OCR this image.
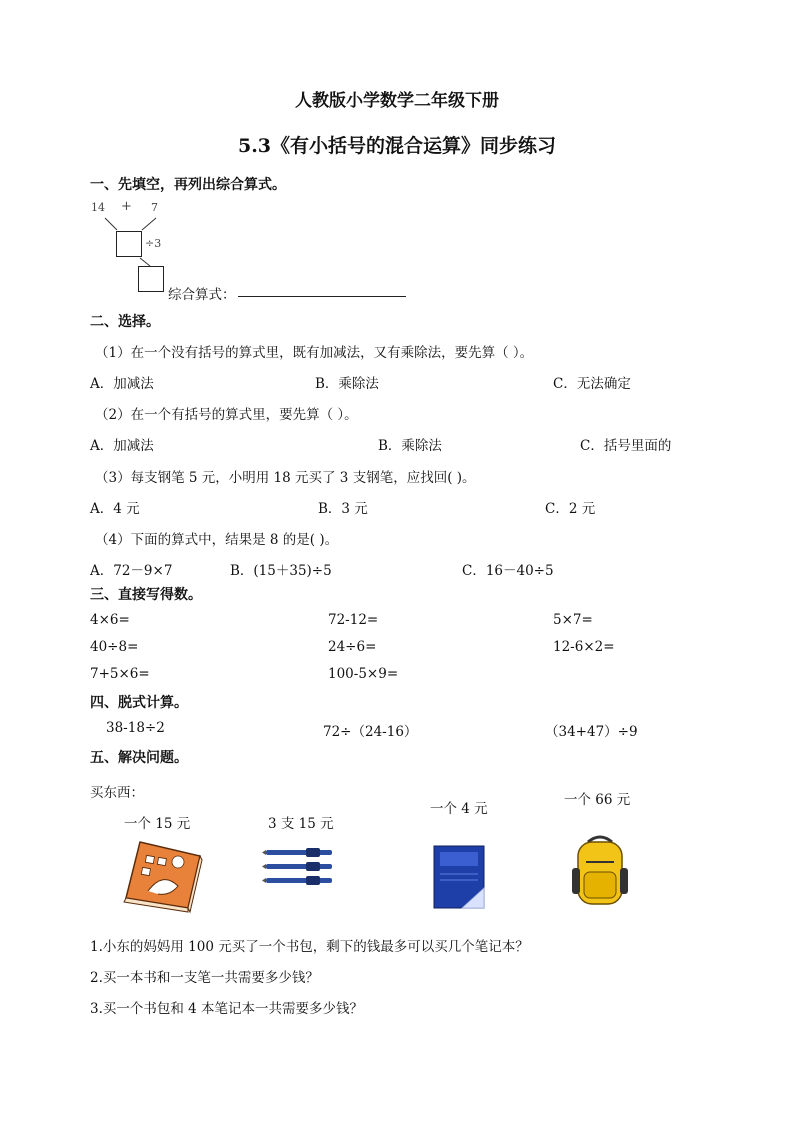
人教版小学数学二年级下册
5.3《有小括号的混合运算》同步练习
一、先填空，再列出综合算式。
14 + 7
÷3
综合算式：
二、选择。
（1）在一个没有括号的算式里，既有加减法，又有乘除法，要先算（ ）。
A．加减法	B．乘除法	C．无法确定
（2）在一个有括号的算式里，要先算（ ）。
A．加减法	B．乘除法	C．括号里面的
（3）每支钢笔 5 元，小明用 18 元买了 3 支钢笔，应找回( )。
A．4 元	B．3 元	C．2 元
（4）下面的算式中，结果是 8 的是( )。
A．72－9×7	B．(15＋35)÷5	C．16－40÷5
三、直接写得数。
4×6=	72-12=	5×7=
40÷8=	24÷6=	12-6×2=
7+5×6=	100-5×9=
四、脱式计算。
38-18÷2	72÷（24-16）	（34+47）÷9
五、解决问题。
买东西：
一个 15 元	3 支 15 元
一个 4 元
一个 66 元
1.小东的妈妈用 100 元买了一个书包，剩下的钱最多可以买几个笔记本？
2.买一本书和一支笔一共需要多少钱？
3.买一个书包和 4 本笔记本一共需要多少钱？
